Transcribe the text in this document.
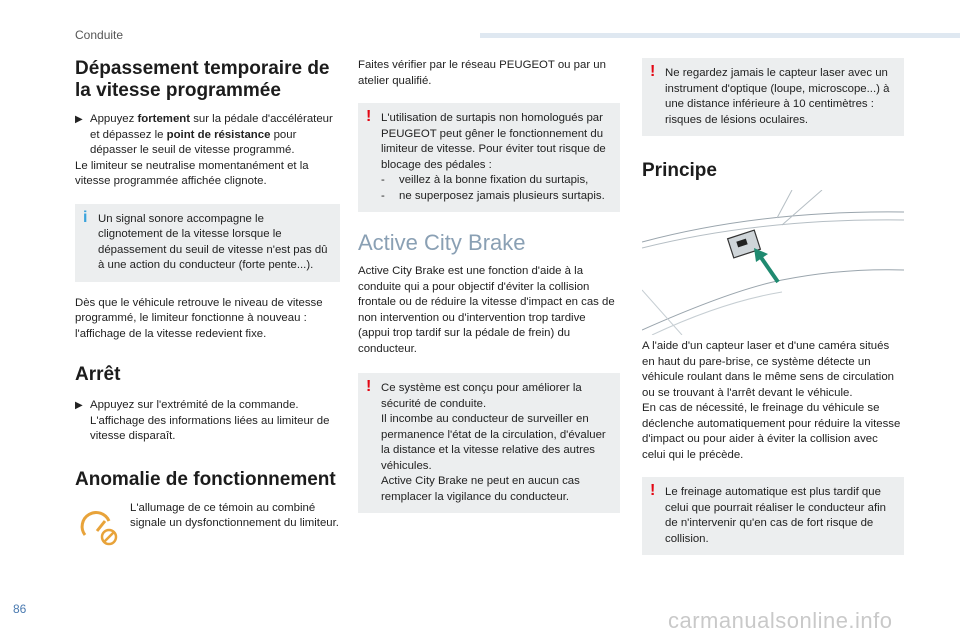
Conduite
Dépassement temporaire de la vitesse programmée
▶ Appuyez fortement sur la pédale d'accélérateur et dépassez le point de résistance pour dépasser le seuil de vitesse programmé.

Le limiteur se neutralise momentanément et la vitesse programmée affichée clignote.

i Un signal sonore accompagne le clignotement de la vitesse lorsque le dépassement du seuil de vitesse n'est pas dû à une action du conducteur (forte pente...).

Dès que le véhicule retrouve le niveau de vitesse programmé, le limiteur fonctionne à nouveau : l'affichage de la vitesse redevient fixe.

Arrêt
▶ Appuyez sur l'extrémité de la commande. L'affichage des informations liées au limiteur de vitesse disparaît.
Anomalie de fonctionnement

L'allumage de ce témoin au combiné signale un dysfonctionnement du limiteur.

Faites vérifier par le réseau PEUGEOT ou par un atelier qualifié.

! L'utilisation de surtapis non homologués par PEUGEOT peut gêner le fonctionnement du limiteur de vitesse. Pour éviter tout risque de blocage des pédales :
- veillez à la bonne fixation du surtapis,
- ne superposez jamais plusieurs surtapis.
Active City Brake

Active City Brake est une fonction d'aide à la conduite qui a pour objectif d'éviter la collision frontale ou de réduire la vitesse d'impact en cas de non intervention ou d'intervention trop tardive (appui trop tardif sur la pédale de frein) du conducteur.

! Ce système est conçu pour améliorer la sécurité de conduite.
Il incombe au conducteur de surveiller en permanence l'état de la circulation, d'évaluer la distance et la vitesse relative des autres véhicules.
Active City Brake ne peut en aucun cas remplacer la vigilance du conducteur.
! Ne regardez jamais le capteur laser avec un instrument d'optique (loupe, microscope...) à une distance inférieure à 10 centimètres : risques de lésions oculaires.
Principe

A l'aide d'un capteur laser et d'une caméra situés en haut du pare-brise, ce système détecte un véhicule roulant dans le même sens de circulation ou se trouvant à l'arrêt devant le véhicule.

En cas de nécessité, le freinage du véhicule se déclenche automatiquement pour réduire la vitesse d'impact ou pour aider à éviter la collision avec celui qui le précède.

! Le freinage automatique est plus tardif que celui que pourrait réaliser le conducteur afin de n'intervenir qu'en cas de fort risque de collision.
86	carmanualsonline.info
